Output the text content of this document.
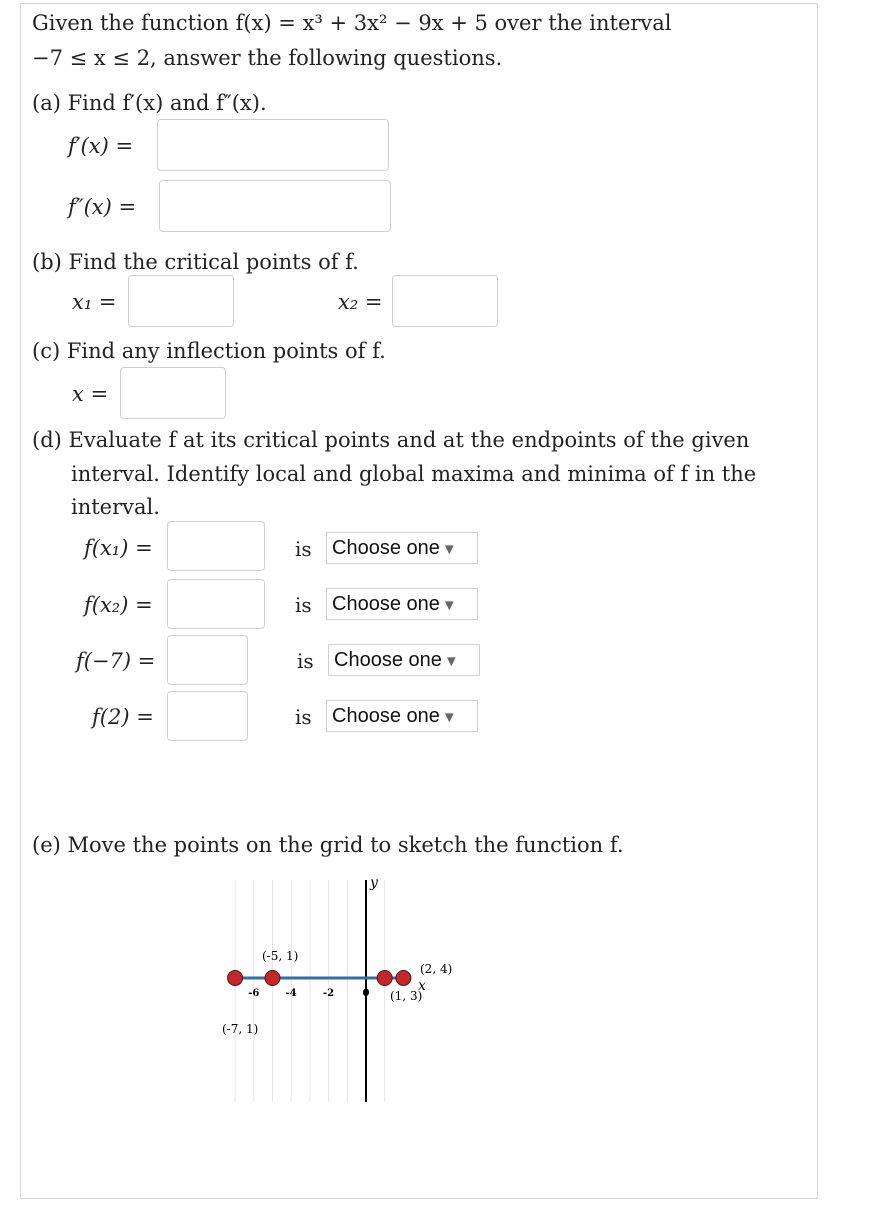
Given the function f(x) = x³ + 3x² − 9x + 5 over the interval
−7 ≤ x ≤ 2, answer the following questions.
(a) Find f′(x) and f″(x).
f′(x) =
f″(x) =
(b) Find the critical points of f.
x₁ =	x₂ =
(c) Find any inflection points of f.
x =
(d) Evaluate f at its critical points and at the endpoints of the given
interval. Identify local and global maxima and minima of f in the
interval.
f(x₁) =	is	Choose one ▼
f(x₂) =	is	Choose one ▼
f(−7) =	is	Choose one ▼
f(2) =	is	Choose one ▼
(e) Move the points on the grid to sketch the function f.
y
x
-6	-4	-2	0
(-7, 1)
(-5, 1)
(1, 3)
(2, 4)
